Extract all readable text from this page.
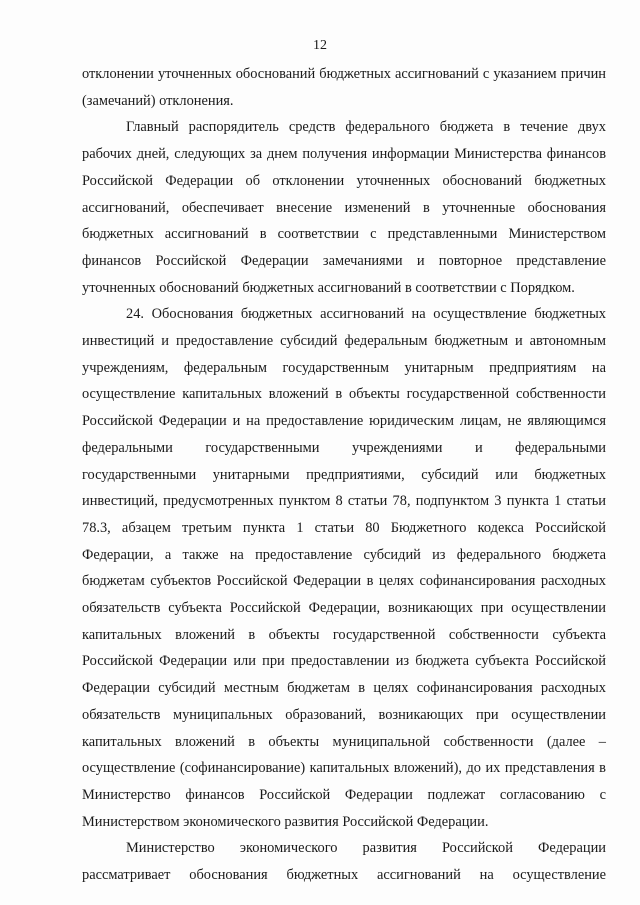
12

отклонении уточненных обоснований бюджетных ассигнований с указанием причин (замечаний) отклонения.

Главный распорядитель средств федерального бюджета в течение двух рабочих дней, следующих за днем получения информации Министерства финансов Российской Федерации об отклонении уточненных обоснований бюджетных ассигнований, обеспечивает внесение изменений в уточненные обоснования бюджетных ассигнований в соответствии с представленными Министерством финансов Российской Федерации замечаниями и повторное представление уточненных обоснований бюджетных ассигнований в соответствии с Порядком.

24. Обоснования бюджетных ассигнований на осуществление бюджетных инвестиций и предоставление субсидий федеральным бюджетным и автономным учреждениям, федеральным государственным унитарным предприятиям на осуществление капитальных вложений в объекты государственной собственности Российской Федерации и на предоставление юридическим лицам, не являющимся федеральными государственными учреждениями и федеральными государственными унитарными предприятиями, субсидий или бюджетных инвестиций, предусмотренных пунктом 8 статьи 78, подпунктом 3 пункта 1 статьи 78.3, абзацем третьим пункта 1 статьи 80 Бюджетного кодекса Российской Федерации, а также на предоставление субсидий из федерального бюджета бюджетам субъектов Российской Федерации в целях софинансирования расходных обязательств субъекта Российской Федерации, возникающих при осуществлении капитальных вложений в объекты государственной собственности субъекта Российской Федерации или при предоставлении из бюджета субъекта Российской Федерации субсидий местным бюджетам в целях софинансирования расходных обязательств муниципальных образований, возникающих при осуществлении капитальных вложений в объекты муниципальной собственности (далее – осуществление (софинансирование) капитальных вложений), до их представления в Министерство финансов Российской Федерации подлежат согласованию с Министерством экономического развития Российской Федерации.

Министерство экономического развития Российской Федерации рассматривает обоснования бюджетных ассигнований на осуществление
